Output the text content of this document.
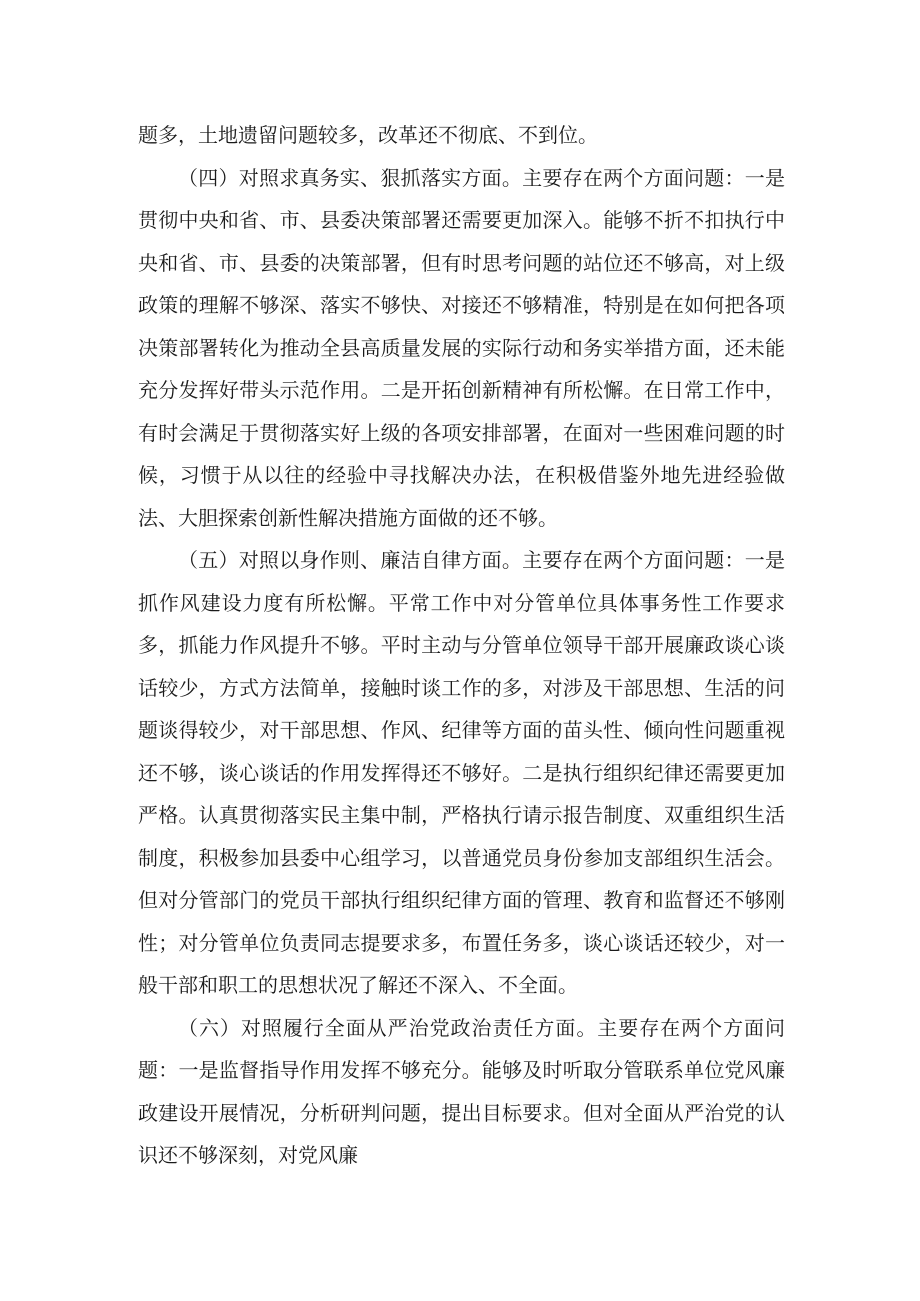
题多，土地遗留问题较多，改革还不彻底、不到位。

（四）对照求真务实、狠抓落实方面。主要存在两个方面问题：一是贯彻中央和省、市、县委决策部署还需要更加深入。能够不折不扣执行中央和省、市、县委的决策部署，但有时思考问题的站位还不够高，对上级政策的理解不够深、落实不够快、对接还不够精准，特别是在如何把各项决策部署转化为推动全县高质量发展的实际行动和务实举措方面，还未能充分发挥好带头示范作用。二是开拓创新精神有所松懈。在日常工作中，有时会满足于贯彻落实好上级的各项安排部署，在面对一些困难问题的时候，习惯于从以往的经验中寻找解决办法，在积极借鉴外地先进经验做法、大胆探索创新性解决措施方面做的还不够。

（五）对照以身作则、廉洁自律方面。主要存在两个方面问题：一是抓作风建设力度有所松懈。平常工作中对分管单位具体事务性工作要求多，抓能力作风提升不够。平时主动与分管单位领导干部开展廉政谈心谈话较少，方式方法简单，接触时谈工作的多，对涉及干部思想、生活的问题谈得较少，对干部思想、作风、纪律等方面的苗头性、倾向性问题重视还不够，谈心谈话的作用发挥得还不够好。二是执行组织纪律还需要更加严格。认真贯彻落实民主集中制，严格执行请示报告制度、双重组织生活制度，积极参加县委中心组学习，以普通党员身份参加支部组织生活会。但对分管部门的党员干部执行组织纪律方面的管理、教育和监督还不够刚性；对分管单位负责同志提要求多，布置任务多，谈心谈话还较少，对一般干部和职工的思想状况了解还不深入、不全面。

（六）对照履行全面从严治党政治责任方面。主要存在两个方面问题：一是监督指导作用发挥不够充分。能够及时听取分管联系单位党风廉政建设开展情况，分析研判问题，提出目标要求。但对全面从严治党的认识还不够深刻，对党风廉
